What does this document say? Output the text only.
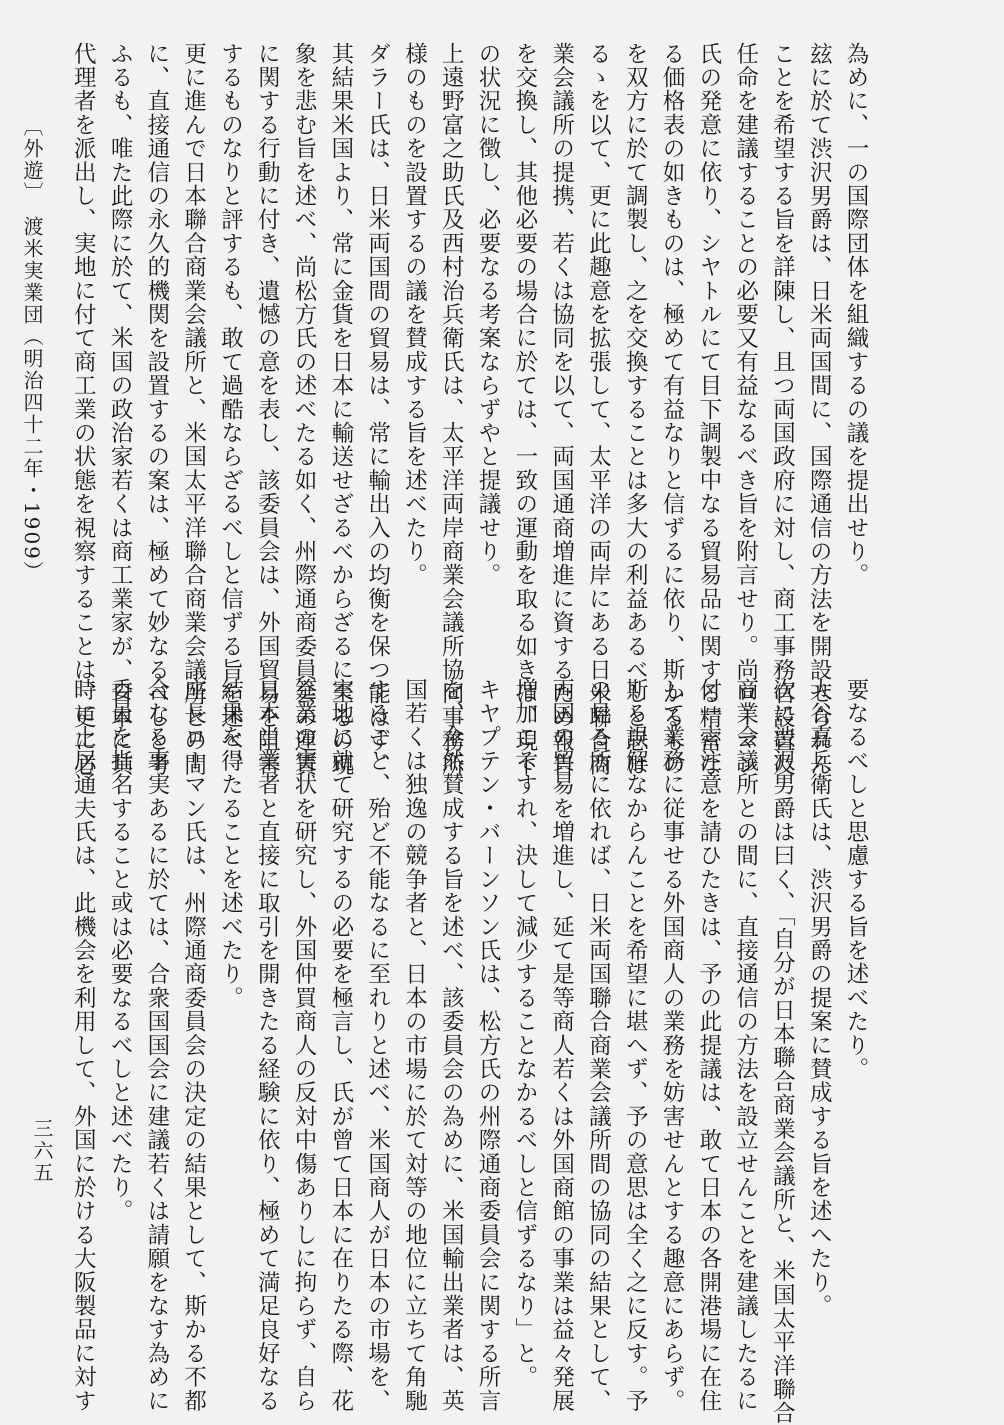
為めに、一の国際団体を組織するの議を提出せり。
玆に於て渋沢男爵は、日米両国間に、国際通信の方法を開設せられん
ことを希望する旨を詳陳し、且つ両国政府に対し、商工事務官設置及
任命を建議することの必要又有益なるべき旨を附言せり。尚ローマン
氏の発意に依り、シヤトルにて目下調製中なる貿易品に関する精密な
る価格表の如きものは、極めて有益なりと信ずるに依り、斯かるもの
を双方に於て調製し、之を交換することは多大の利益あるべしと思は
るゝを以て、更に此趣意を拡張して、太平洋の両岸にある日米聯合商
業会議所の提携、若くは協同を以て、両国通商増進に資するため報告
を交換し、其他必要の場合に於ては、一致の運動を取る如きは、現下
の状況に徴し、必要なる考案ならずやと提議せり。
上遠野富之助氏及西村治兵衛氏は、太平洋両岸商業会議所協同事務所
様のものを設置するの議を賛成する旨を述べたり。
ダラー氏は、日米両国間の貿易は、常に輸出入の均衡を保つ能はず、
其結果米国より、常に金貨を日本に輸送せざるべからざるに至るの現
象を悲む旨を述べ、尚松方氏の述べたる如く、州際通商委員会の運賃
に関する行動に付き、遺憾の意を表し、該委員会は、外国貿易を阻害
するものなりと評するも、敢て過酷ならざるべしと信ずる旨を述べ、
更に進んで日本聯合商業会議所と、米国太平洋聯合商業会議所との間
に、直接通信の永久的機関を設置するの案は、極めて妙なるべしと考
ふるも、唯た此際に於て、米国の政治家若くは商工業家が、日本に其
代理者を派出し、実地に付て商工業の状態を視察することは、更に必
要なるべしと思慮する旨を述べたり。
大谷嘉兵衛氏は、渋沢男爵の提案に賛成する旨を述へたり。
次に渋沢男爵は曰く、「自分が日本聯合商業会議所と、米国太平洋聯合
商業会議所との間に、直接通信の方法を設立せんことを建議したるに
付一言注意を請ひたきは、予の此提議は、敢て日本の各開港場に在住
して業務に従事せる外国商人の業務を妨害せんとする趣意にあらず。
斯る誤解なからんことを希望に堪へず、予の意思は全く之に反す。予
の見る所に依れば、日米両国聯合商業会議所間の協同の結果として、
両国の貿易を増進し、延て是等商人若くは外国商館の事業は益々発展
増加こそすれ、決して減少することなかるべしと信ずるなり」と。
キヤプテン・バーンソン氏は、松方氏の州際通商委員会に関する所言
を、全然賛成する旨を述べ、該委員会の為めに、米国輸出業者は、英
国若くは独逸の競争者と、日本の市場に於て対等の地位に立ちて角馳
すること、殆ど不能なるに至れりと述べ、米国商人が日本の市場を、
実地に就て研究するの必要を極言し、氏が曾て日本に在りたる際、花
筵業の実状を研究し、外国仲買商人の反対中傷ありしに拘らず、自ら
日本当業者と直接に取引を開きたる経験に依り、極めて満足良好なる
結果を得たることを述べたり。
座長ローマン氏は、州際通商委員会の決定の結果として、斯かる不都
合なる事実あるに於ては、合衆国国会に建議若くは請願をなす為めに
委員を指名すること或は必要なるべしと述べたり。
時に土居通夫氏は、此機会を利用して、外国に於ける大阪製品に対す
〔外遊〕　渡米実業団（明治四十二年・1909）
三六五
